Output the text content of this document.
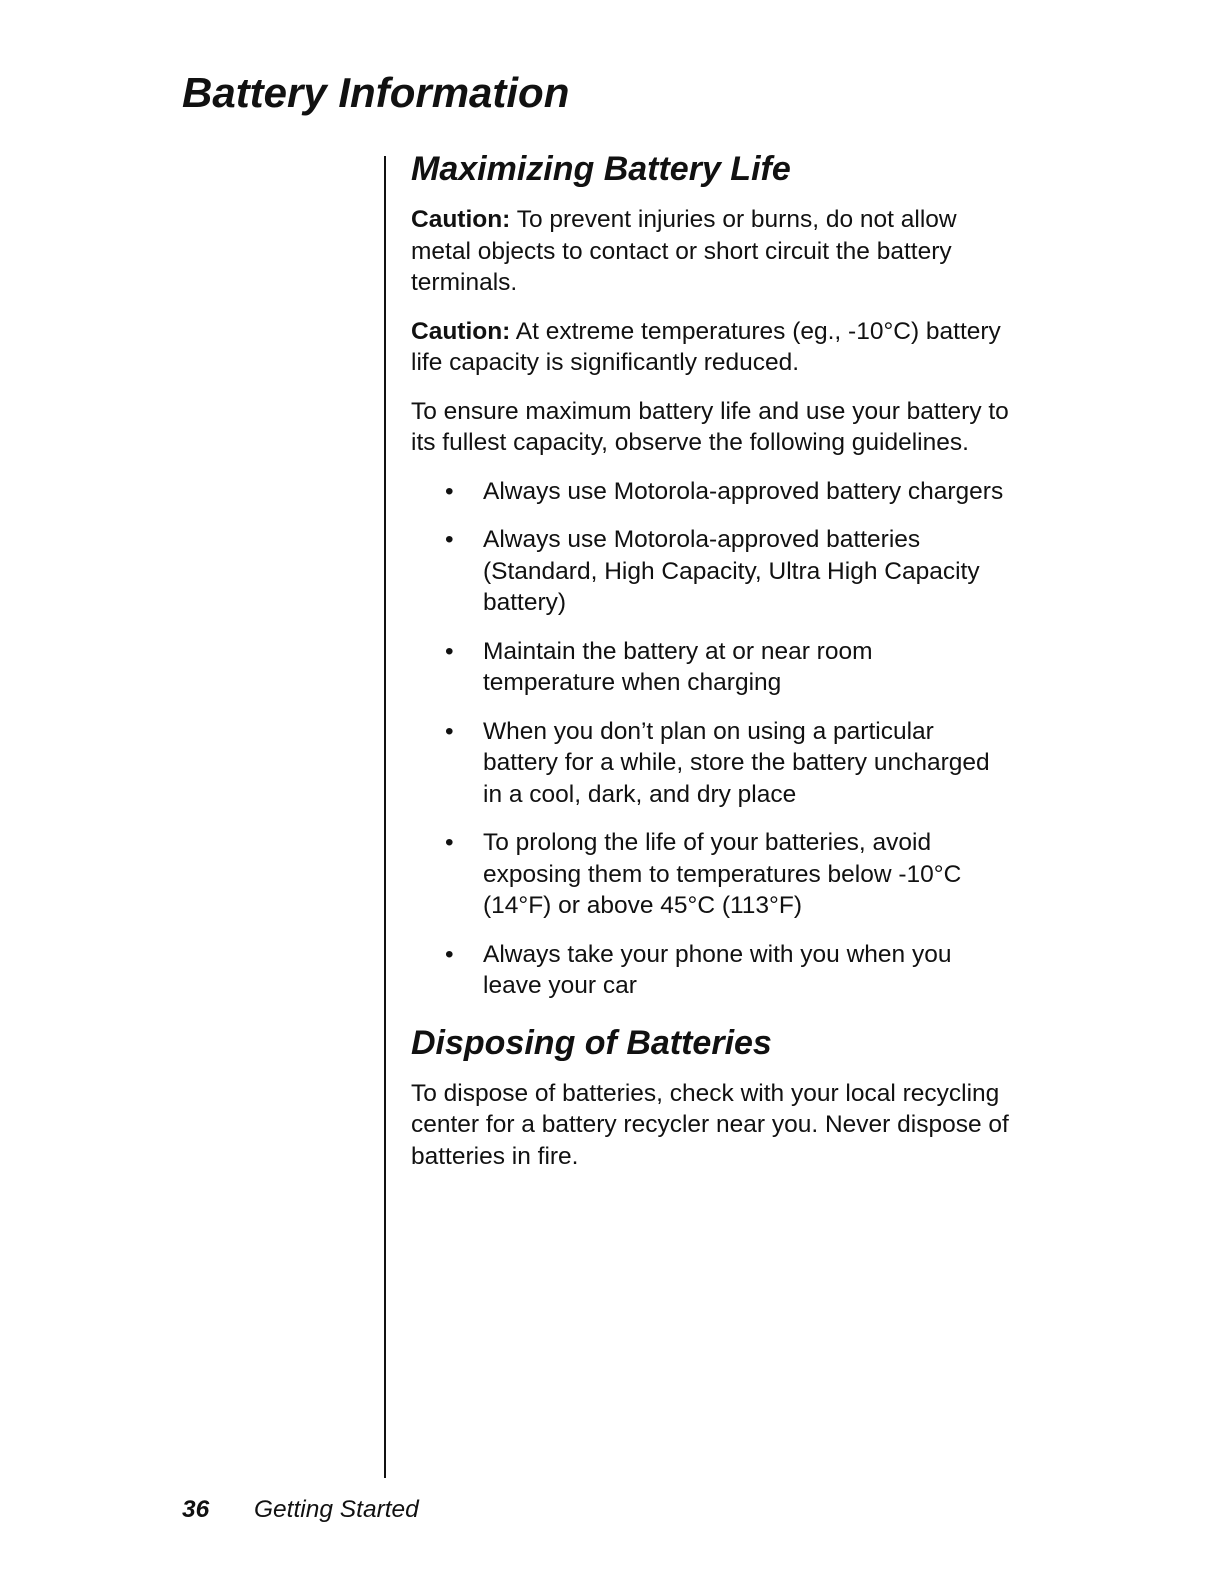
Battery Information
Maximizing Battery Life

Caution: To prevent injuries or burns, do not allow metal objects to contact or short circuit the battery terminals.

Caution: At extreme temperatures (eg., -10°C) battery life capacity is significantly reduced.

To ensure maximum battery life and use your battery to its fullest capacity, observe the following guidelines.

• Always use Motorola-approved battery chargers
• Always use Motorola-approved batteries (Standard, High Capacity, Ultra High Capacity battery)
• Maintain the battery at or near room temperature when charging
• When you don’t plan on using a particular battery for a while, store the battery uncharged in a cool, dark, and dry place
• To prolong the life of your batteries, avoid exposing them to temperatures below -10°C (14°F) or above 45°C (113°F)
• Always take your phone with you when you leave your car
Disposing of Batteries

To dispose of batteries, check with your local recycling center for a battery recycler near you. Never dispose of batteries in fire.

36 Getting Started
